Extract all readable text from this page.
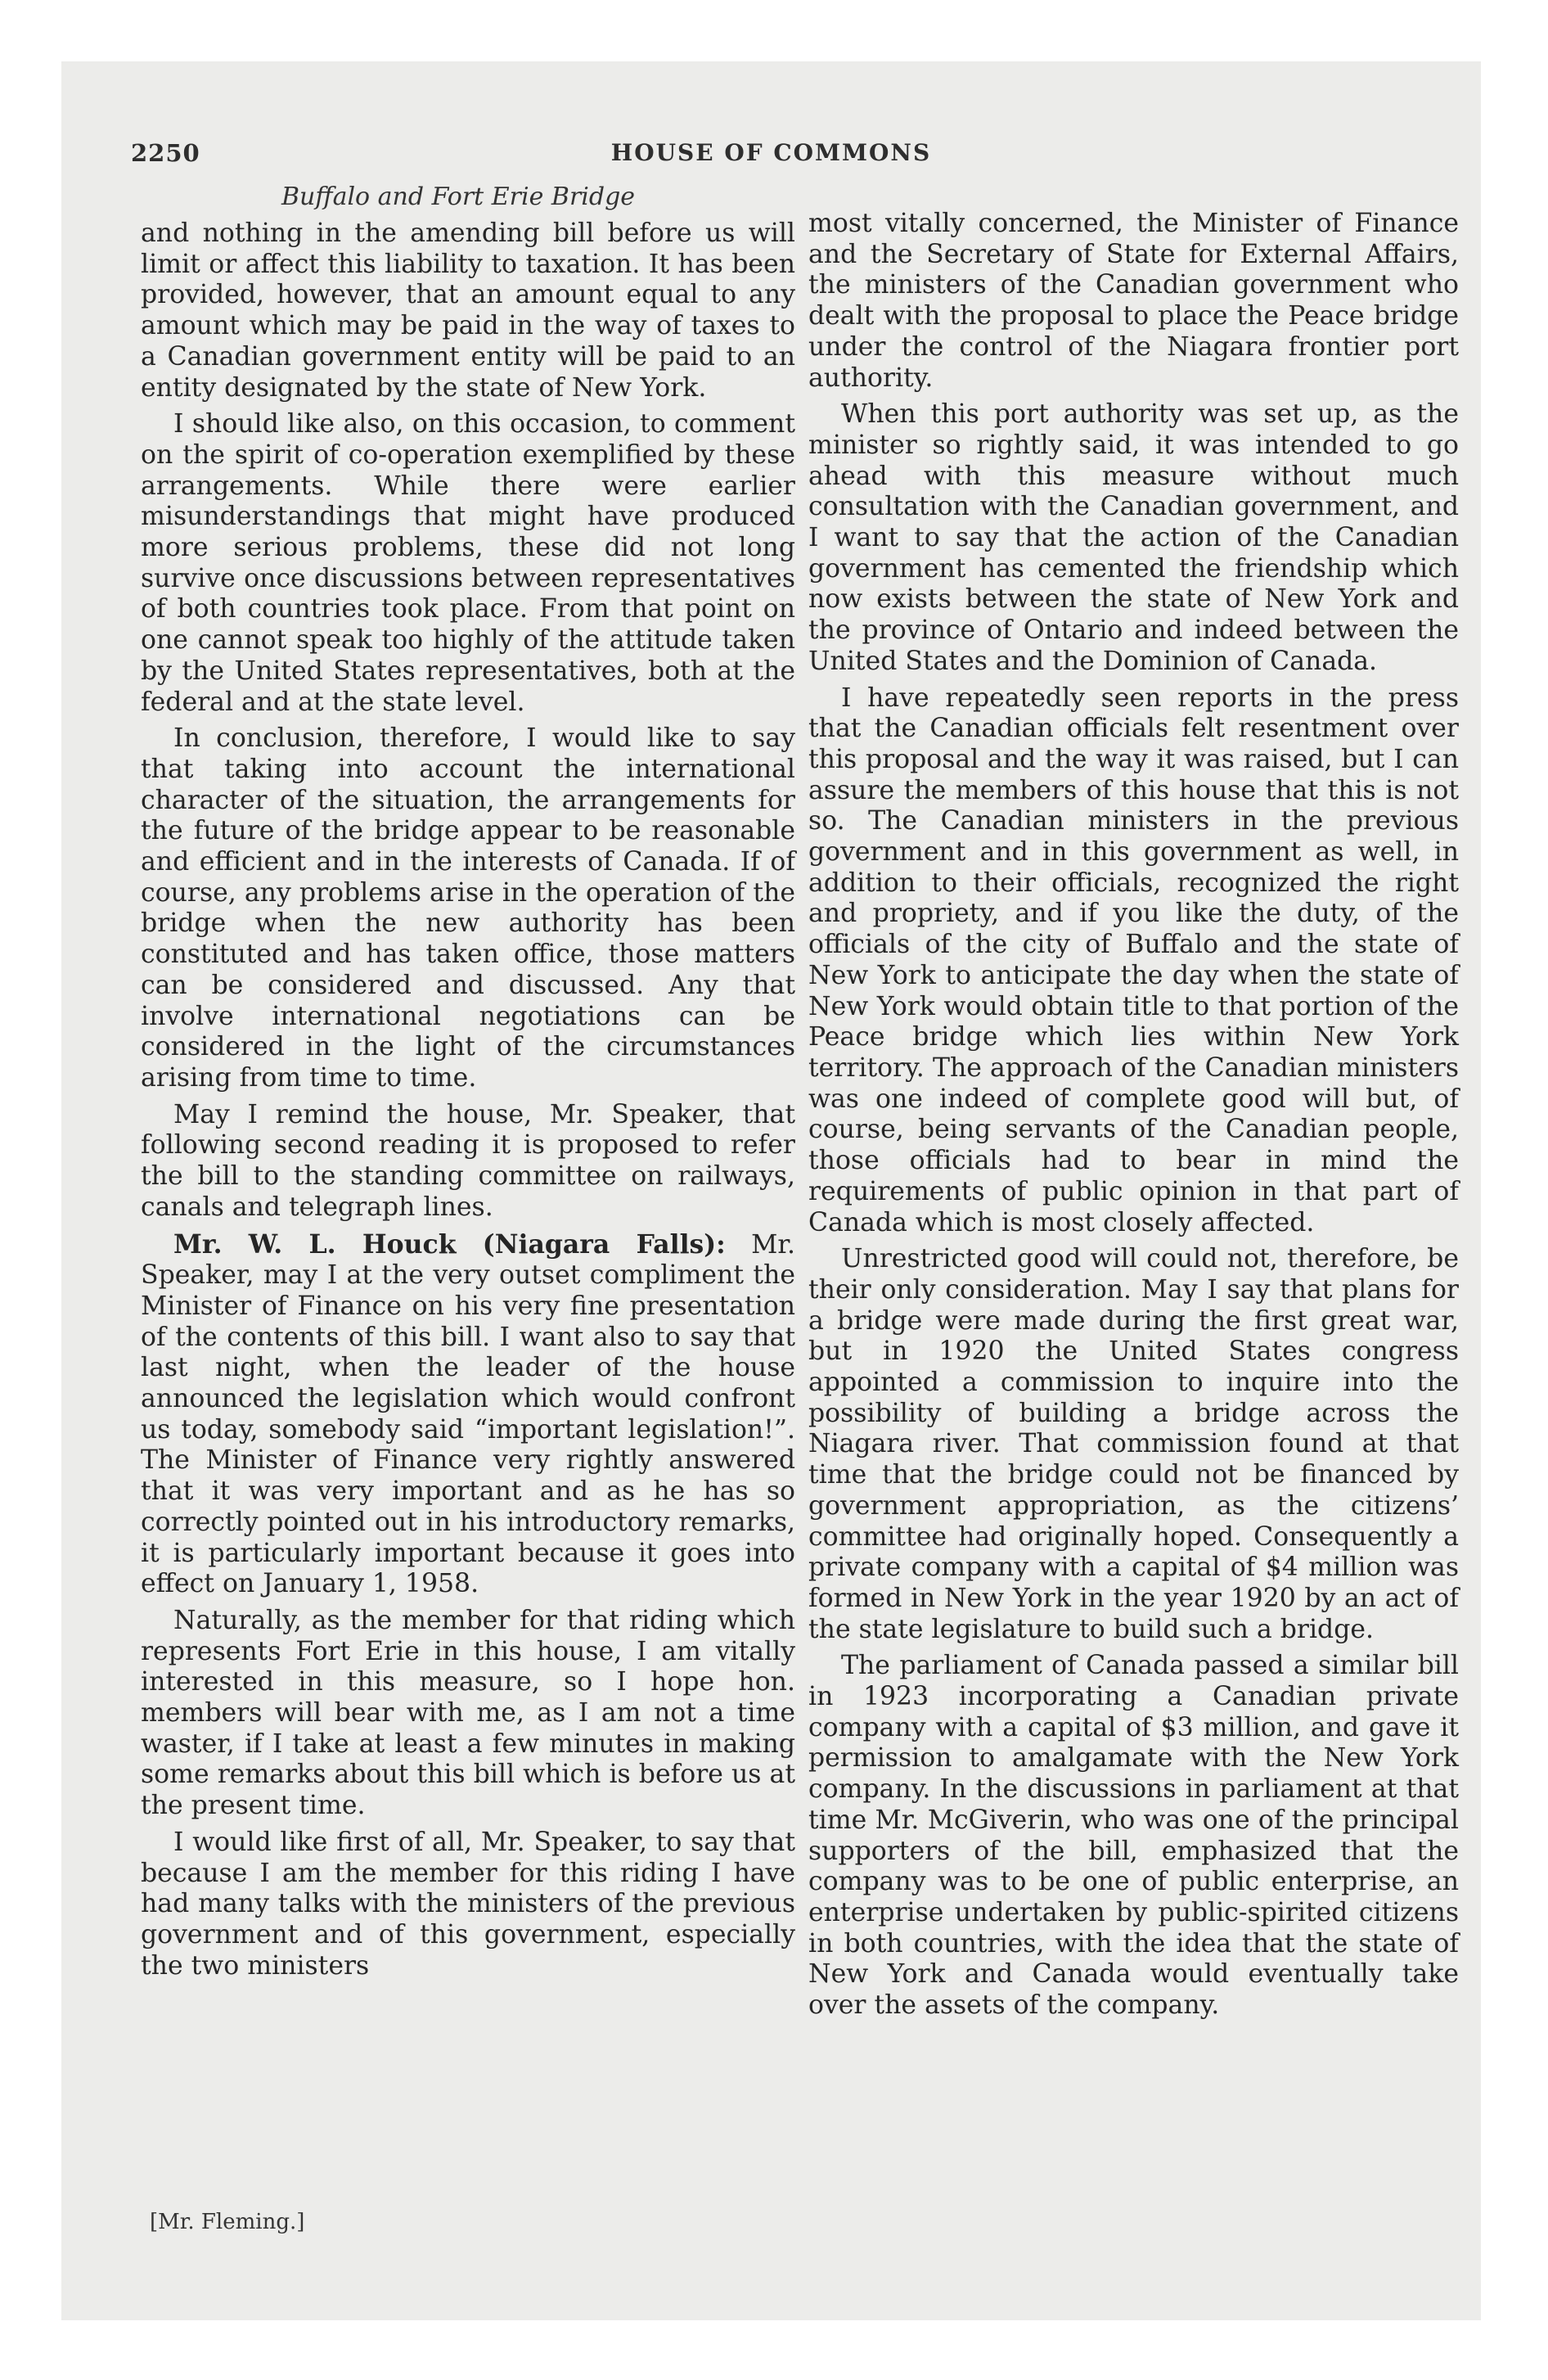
2250	HOUSE OF COMMONS
Buffalo and Fort Erie Bridge

and nothing in the amending bill before us will limit or affect this liability to taxation. It has been provided, however, that an amount equal to any amount which may be paid in the way of taxes to a Canadian government entity will be paid to an entity designated by the state of New York.

I should like also, on this occasion, to comment on the spirit of co-operation exemplified by these arrangements. While there were earlier misunderstandings that might have produced more serious problems, these did not long survive once discussions between representatives of both countries took place. From that point on one cannot speak too highly of the attitude taken by the United States representatives, both at the federal and at the state level.

In conclusion, therefore, I would like to say that taking into account the international character of the situation, the arrangements for the future of the bridge appear to be reasonable and efficient and in the interests of Canada. If of course, any problems arise in the operation of the bridge when the new authority has been constituted and has taken office, those matters can be considered and discussed. Any that involve international negotiations can be considered in the light of the circumstances arising from time to time.

May I remind the house, Mr. Speaker, that following second reading it is proposed to refer the bill to the standing committee on railways, canals and telegraph lines.

Mr. W. L. Houck (Niagara Falls): Mr. Speaker, may I at the very outset compliment the Minister of Finance on his very fine presentation of the contents of this bill. I want also to say that last night, when the leader of the house announced the legislation which would confront us today, somebody said “important legislation!”. The Minister of Finance very rightly answered that it was very important and as he has so correctly pointed out in his introductory remarks, it is particularly important because it goes into effect on January 1, 1958.

Naturally, as the member for that riding which represents Fort Erie in this house, I am vitally interested in this measure, so I hope hon. members will bear with me, as I am not a time waster, if I take at least a few minutes in making some remarks about this bill which is before us at the present time.

I would like first of all, Mr. Speaker, to say that because I am the member for this riding I have had many talks with the ministers of the previous government and of this government, especially the two ministers

most vitally concerned, the Minister of Finance and the Secretary of State for External Affairs, the ministers of the Canadian government who dealt with the proposal to place the Peace bridge under the control of the Niagara frontier port authority.

When this port authority was set up, as the minister so rightly said, it was intended to go ahead with this measure without much consultation with the Canadian government, and I want to say that the action of the Canadian government has cemented the friendship which now exists between the state of New York and the province of Ontario and indeed between the United States and the Dominion of Canada.

I have repeatedly seen reports in the press that the Canadian officials felt resentment over this proposal and the way it was raised, but I can assure the members of this house that this is not so. The Canadian ministers in the previous government and in this government as well, in addition to their officials, recognized the right and propriety, and if you like the duty, of the officials of the city of Buffalo and the state of New York to anticipate the day when the state of New York would obtain title to that portion of the Peace bridge which lies within New York territory. The approach of the Canadian ministers was one indeed of complete good will but, of course, being servants of the Canadian people, those officials had to bear in mind the requirements of public opinion in that part of Canada which is most closely affected.

Unrestricted good will could not, therefore, be their only consideration. May I say that plans for a bridge were made during the first great war, but in 1920 the United States congress appointed a commission to inquire into the possibility of building a bridge across the Niagara river. That commission found at that time that the bridge could not be financed by government appropriation, as the citizens’ committee had originally hoped. Consequently a private company with a capital of $4 million was formed in New York in the year 1920 by an act of the state legislature to build such a bridge.

The parliament of Canada passed a similar bill in 1923 incorporating a Canadian private company with a capital of $3 million, and gave it permission to amalgamate with the New York company. In the discussions in parliament at that time Mr. McGiverin, who was one of the principal supporters of the bill, emphasized that the company was to be one of public enterprise, an enterprise undertaken by public-spirited citizens in both countries, with the idea that the state of New York and Canada would eventually take over the assets of the company.

[Mr. Fleming.]
